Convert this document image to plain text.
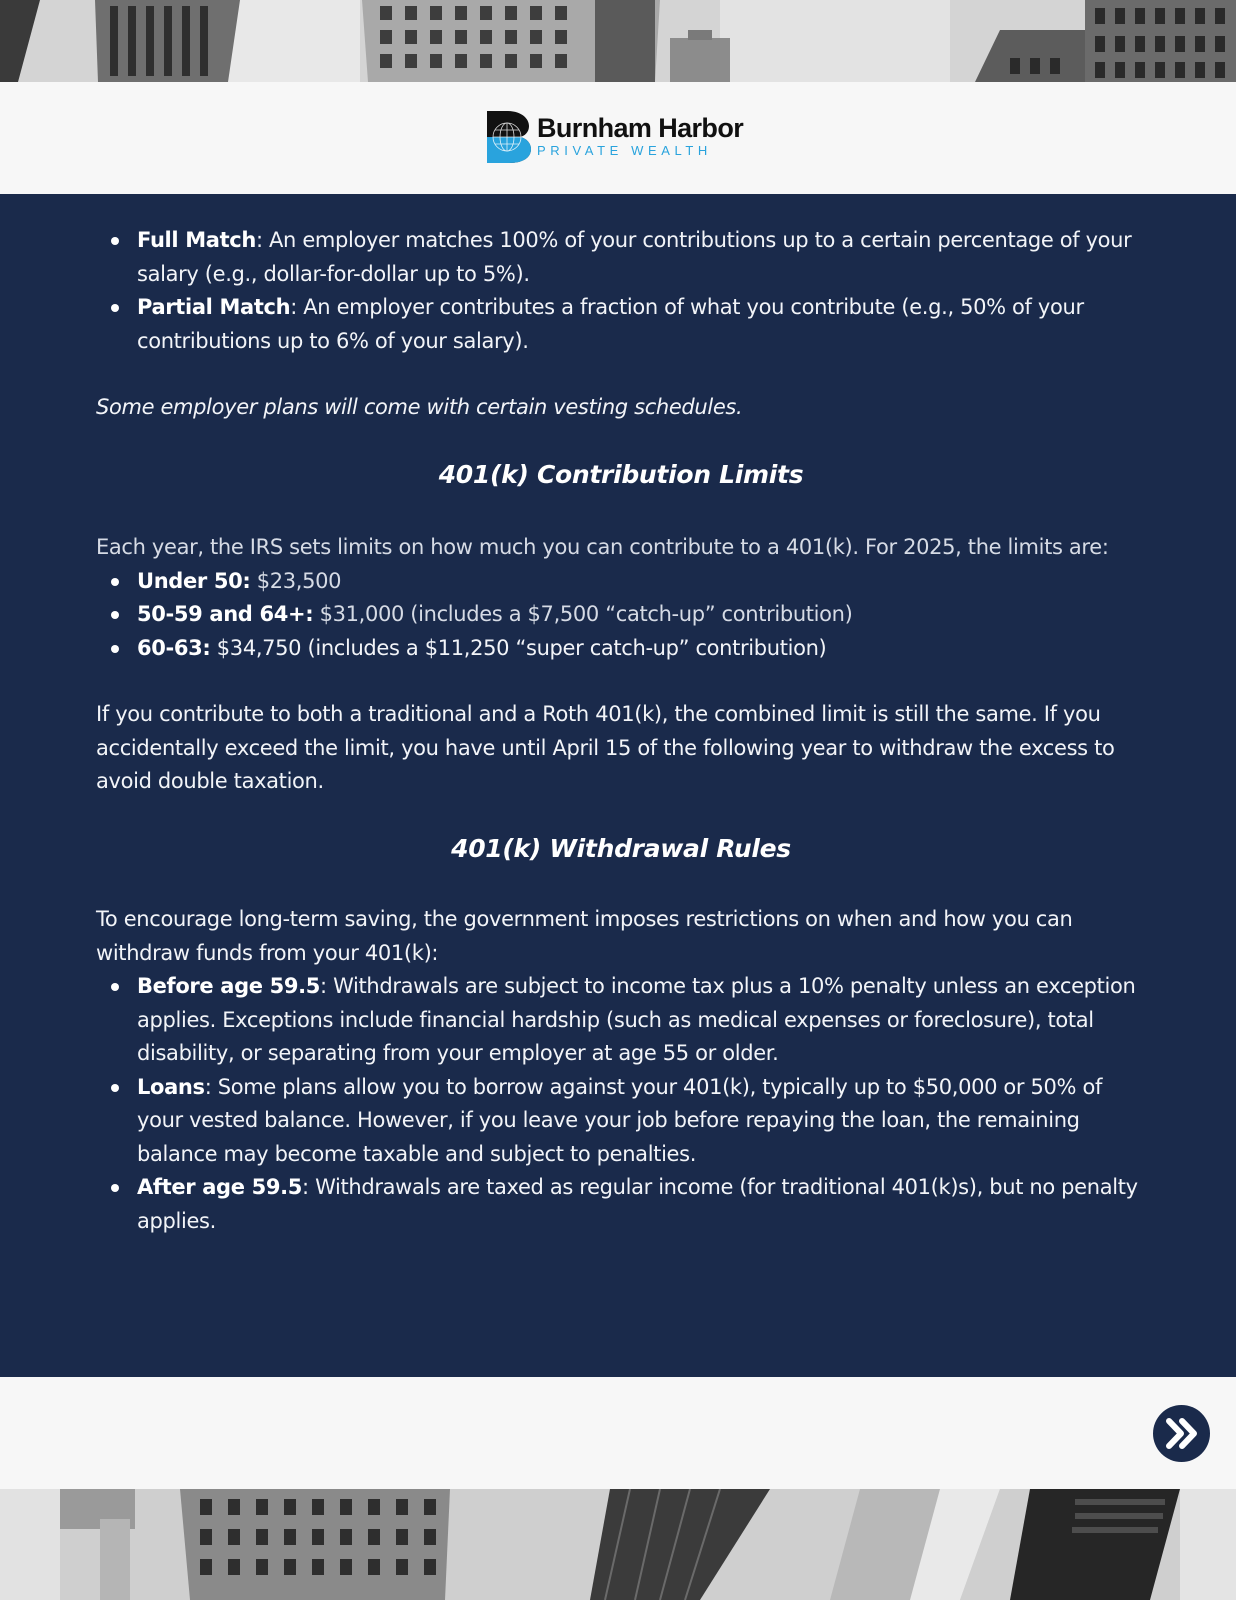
Burnham Harbor
PRIVATE WEALTH
Full Match: An employer matches 100% of your contributions up to a certain percentage of your salary (e.g., dollar-for-dollar up to 5%).
Partial Match: An employer contributes a fraction of what you contribute (e.g., 50% of your contributions up to 6% of your salary).

Some employer plans will come with certain vesting schedules.

401(k) Contribution Limits

Each year, the IRS sets limits on how much you can contribute to a 401(k). For 2025, the limits are:

Under 50: $23,500
50-59 and 64+: $31,000 (includes a $7,500 “catch-up” contribution)
60-63: $34,750 (includes a $11,250 “super catch-up” contribution)

If you contribute to both a traditional and a Roth 401(k), the combined limit is still the same. If you accidentally exceed the limit, you have until April 15 of the following year to withdraw the excess to avoid double taxation.

401(k) Withdrawal Rules

To encourage long-term saving, the government imposes restrictions on when and how you can withdraw funds from your 401(k):

Before age 59.5: Withdrawals are subject to income tax plus a 10% penalty unless an exception applies. Exceptions include financial hardship (such as medical expenses or foreclosure), total disability, or separating from your employer at age 55 or older.
Loans: Some plans allow you to borrow against your 401(k), typically up to $50,000 or 50% of your vested balance. However, if you leave your job before repaying the loan, the remaining balance may become taxable and subject to penalties.
After age 59.5: Withdrawals are taxed as regular income (for traditional 401(k)s), but no penalty applies.
